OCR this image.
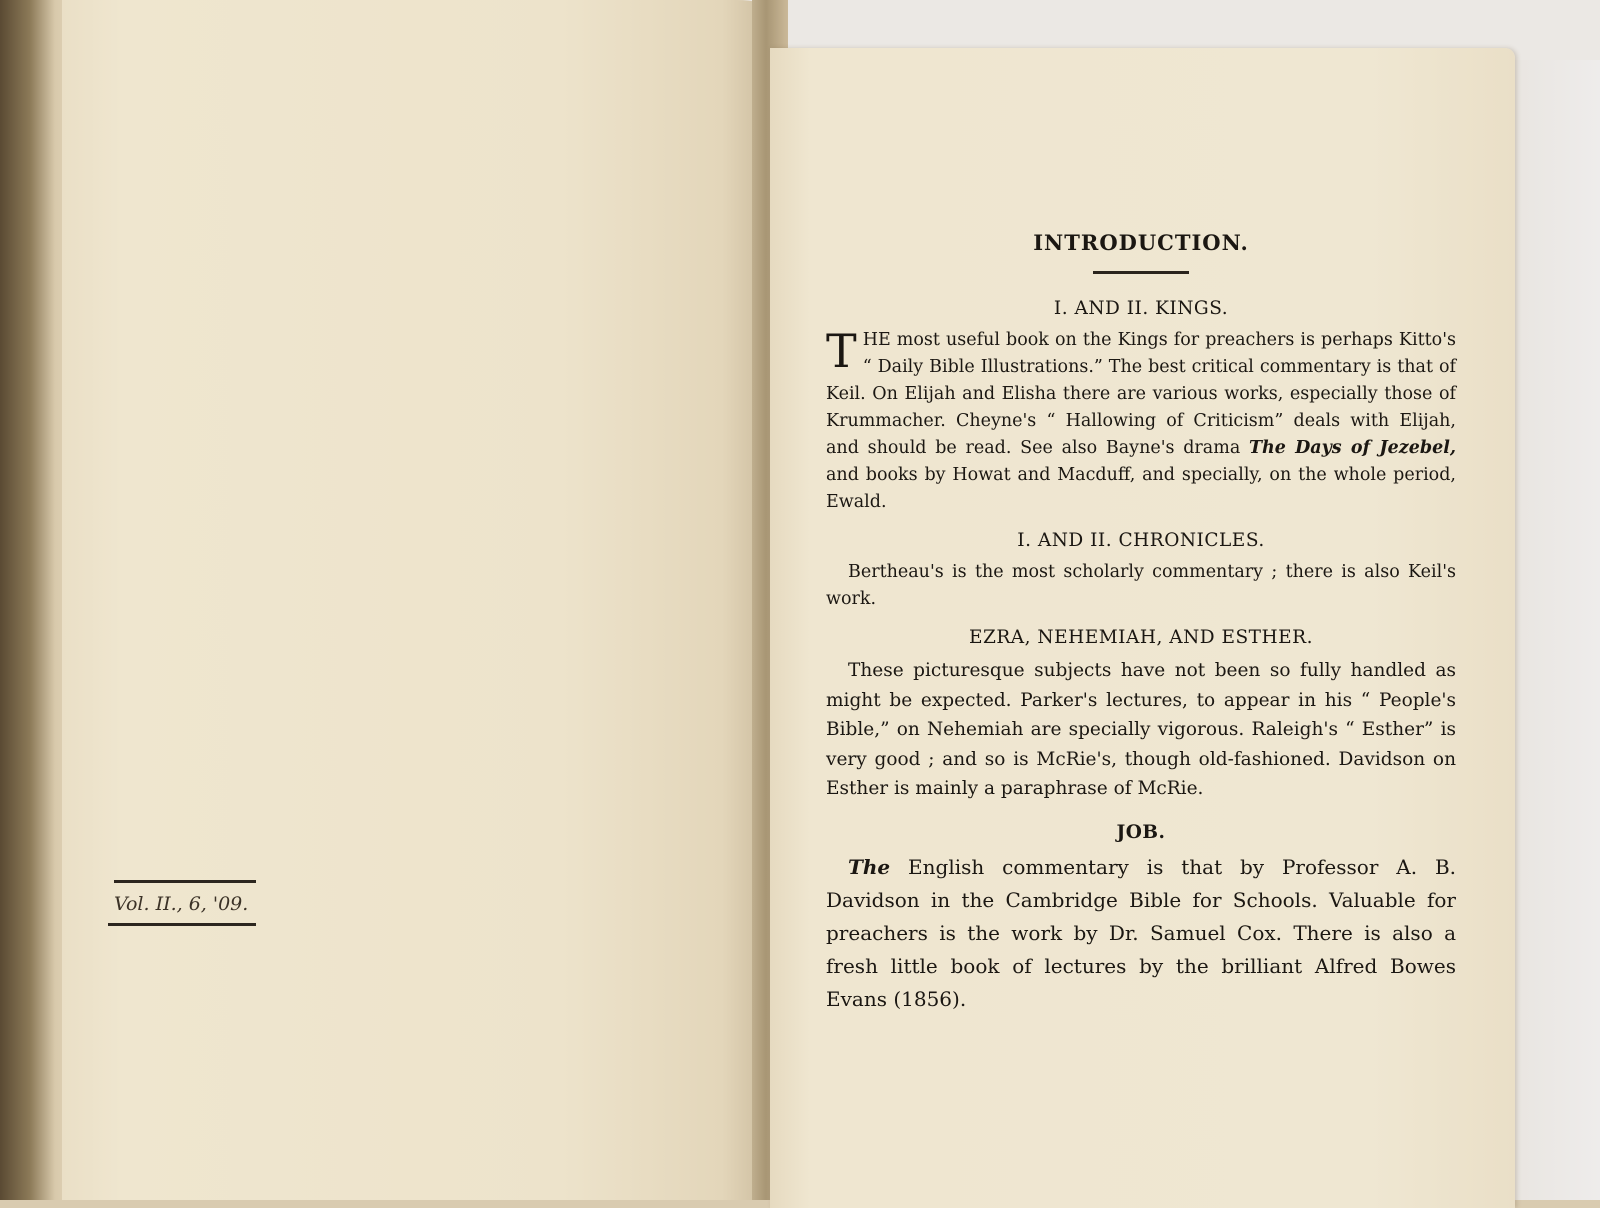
Vol. II., 6, '09.
INTRODUCTION.
I. AND II. KINGS.

THE most useful book on the Kings for preachers is perhaps Kitto's “ Daily Bible Illustrations.” The best critical commentary is that of Keil. On Elijah and Elisha there are various works, especially those of Krummacher. Cheyne's “ Hallowing of Criticism” deals with Elijah, and should be read. See also Bayne's drama The Days of Jezebel, and books by Howat and Macduff, and specially, on the whole period, Ewald.

I. AND II. CHRONICLES.

Bertheau's is the most scholarly commentary ; there is also Keil's work.

EZRA, NEHEMIAH, AND ESTHER.

These picturesque subjects have not been so fully handled as might be expected. Parker's lectures, to appear in his “ People's Bible,” on Nehemiah are specially vigorous. Raleigh's “ Esther” is very good ; and so is McRie's, though old-fashioned. Davidson on Esther is mainly a paraphrase of McRie.

JOB.

The English commentary is that by Professor A. B. Davidson in the Cambridge Bible for Schools. Valuable for preachers is the work by Dr. Samuel Cox. There is also a fresh little book of lectures by the brilliant Alfred Bowes Evans (1856).
